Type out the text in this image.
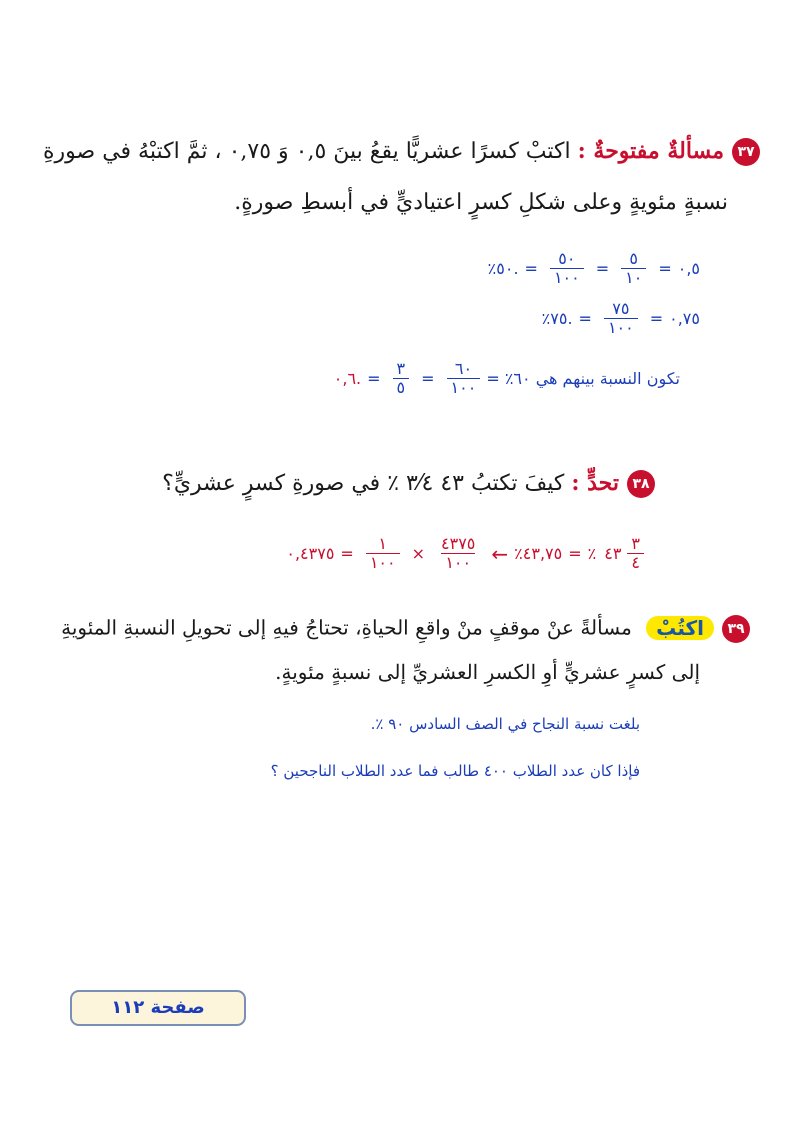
٣٧مسألةٌ مفتوحةٌ : اكتبْ كسرًا عشريًّا يقعُ بينَ ٠,٥ وَ ٠,٧٥ ، ثمَّ اكتبْهُ في صورةِ
نسبةٍ مئويةٍ وعلى شكلِ كسرٍ اعتياديٍّ في أبسطِ صورةٍ.
٪٥٠. = $\frac{٥٠}{١٠٠} = \frac{٥}{١٠}$ = ٠,٥
٪٧٥. = $\frac{٧٥}{١٠٠}$ = ٠,٧٥
٠,٦. = $\frac{٣}{٥} = \frac{٦٠}{١٠٠}$ تكون النسبة بينهم هي ٦٠٪ =
٣٨تحدٍّ : كيفَ تكتبُ ٤٣ ٣⁄٤ ٪ في صورةِ كسرٍ عشريٍّ؟
٠,٤٣٧٥ = $\frac{١}{١٠٠} \times \frac{٤٣٧٥}{١٠٠}$ ← ٪٤٣,٧٥ = ٪ ٤٣ $\frac{٣}{٤}$
٣٩اكتُبْ مسألةً عنْ موقفٍ منْ واقعِ الحياةِ، تحتاجُ فيهِ إلى تحويلِ النسبةِ المئويةِ
إلى كسرٍ عشريٍّ أوِ الكسرِ العشريِّ إلى نسبةٍ مئويةٍ.
بلغت نسبة النجاح في الصف السادس ٩٠ ٪.
فإذا كان عدد الطلاب ٤٠٠ طالب فما عدد الطلاب الناجحين ؟
صفحة ١١٢
